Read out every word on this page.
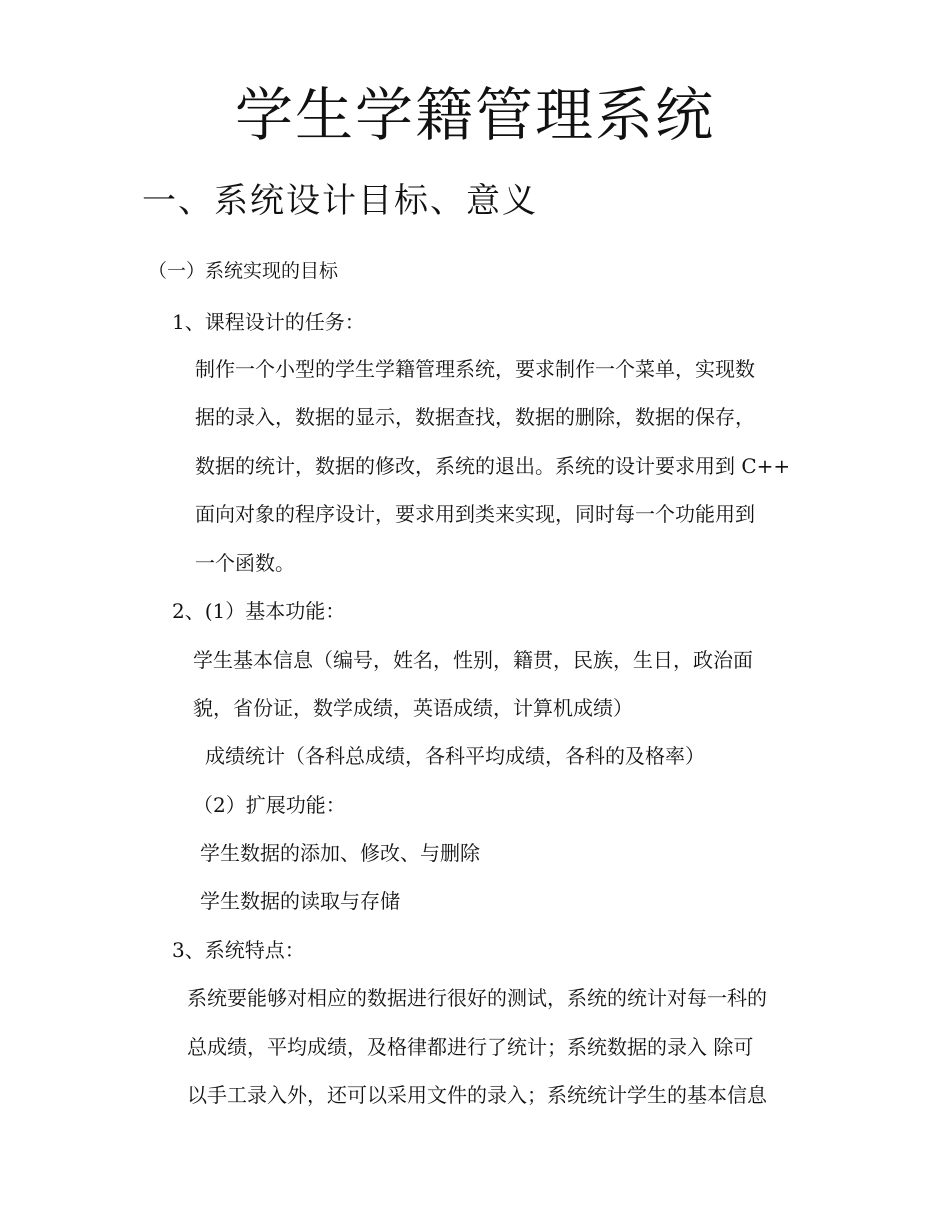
学生学籍管理系统
一、系统设计目标、意义
（一）系统实现的目标
1、课程设计的任务：
制作一个小型的学生学籍管理系统，要求制作一个菜单，实现数
据的录入，数据的显示，数据查找，数据的删除，数据的保存，
数据的统计，数据的修改，系统的退出。系统的设计要求用到 C++
面向对象的程序设计，要求用到类来实现，同时每一个功能用到
一个函数。
2、(1）基本功能：
学生基本信息（编号，姓名，性别，籍贯，民族，生日，政治面
貌，省份证，数学成绩，英语成绩，计算机成绩）
成绩统计（各科总成绩，各科平均成绩，各科的及格率）
（2）扩展功能：
学生数据的添加、修改、与删除
学生数据的读取与存储
3、系统特点：
系统要能够对相应的数据进行很好的测试，系统的统计对每一科的
总成绩，平均成绩，及格律都进行了统计；系统数据的录入 除可
以手工录入外，还可以采用文件的录入；系统统计学生的基本信息
